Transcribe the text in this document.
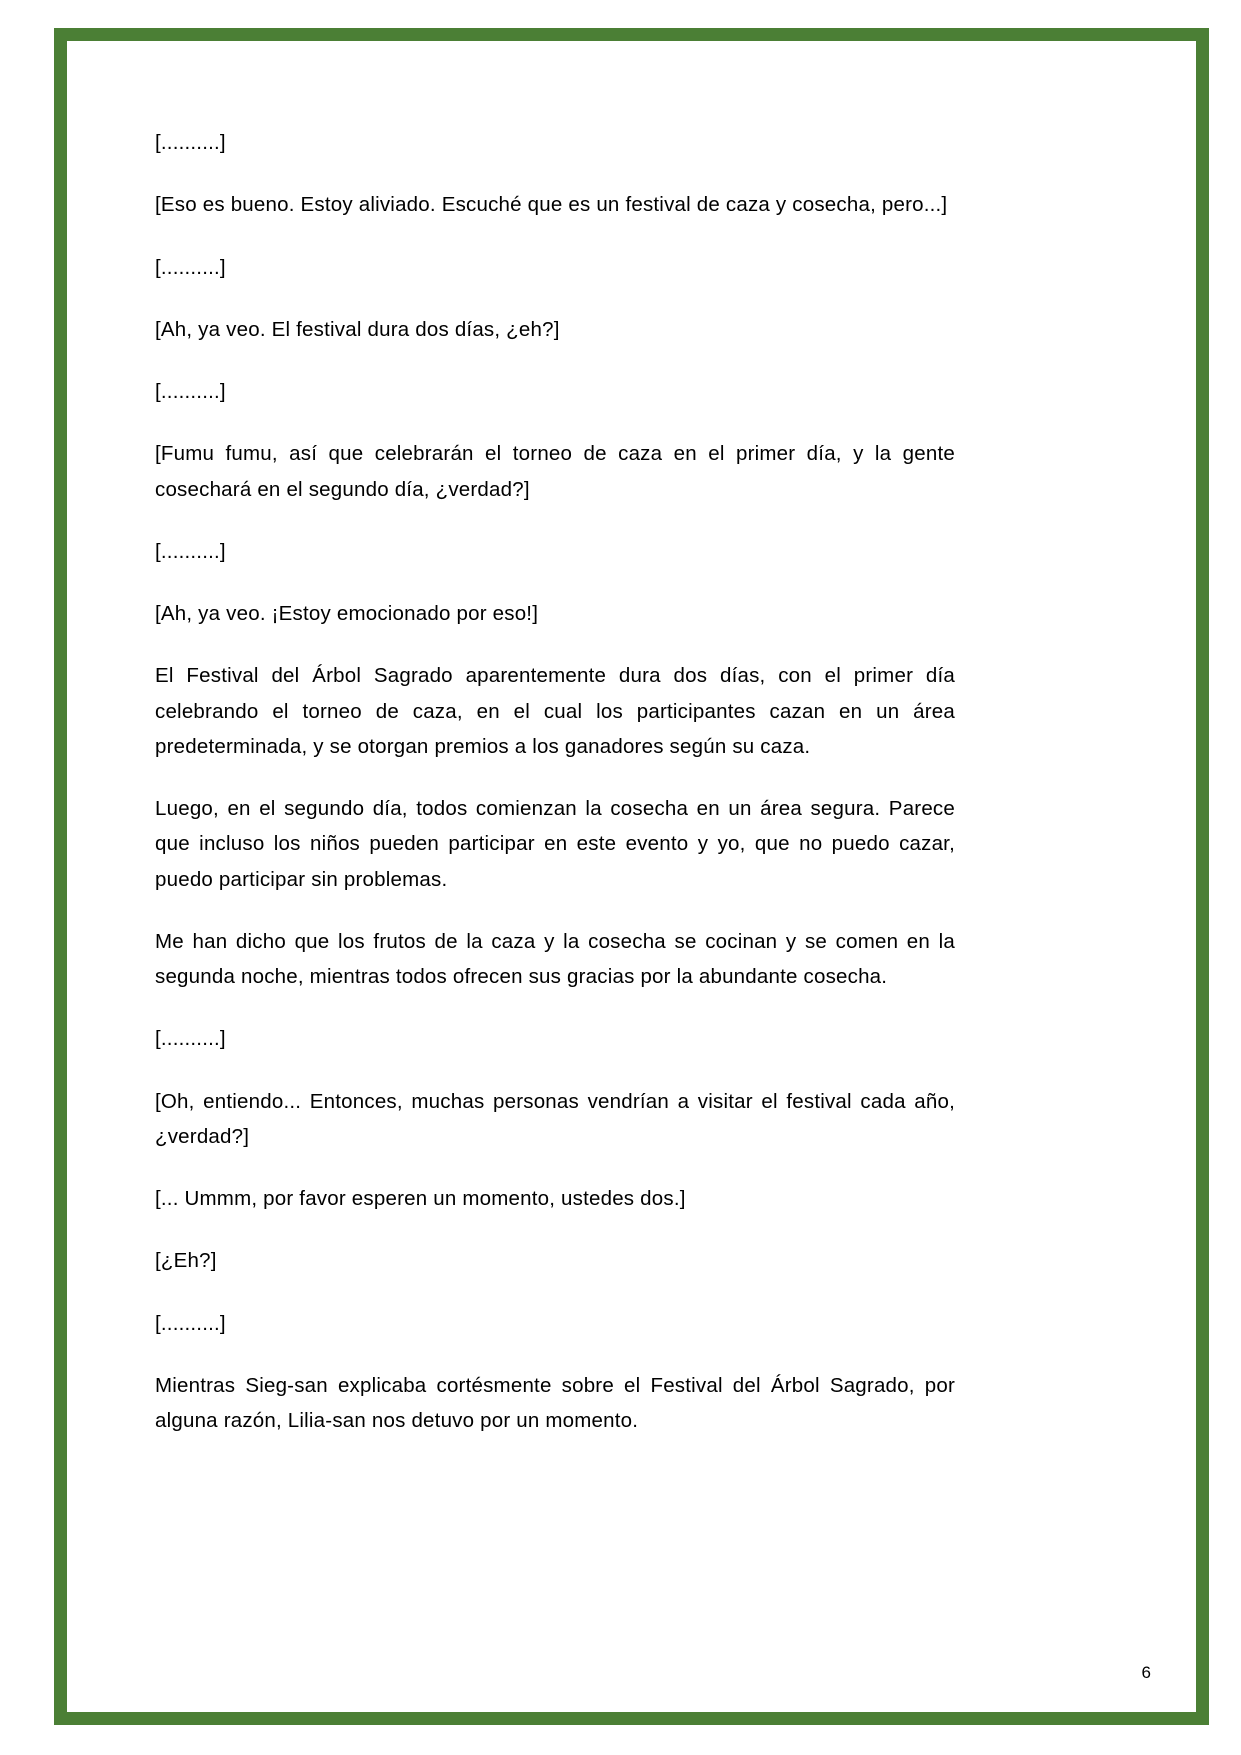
[..........]

[Eso es bueno. Estoy aliviado. Escuché que es un festival de caza y cosecha, pero...]

[..........]

[Ah, ya veo. El festival dura dos días, ¿eh?]

[..........]

[Fumu fumu, así que celebrarán el torneo de caza en el primer día, y la gente cosechará en el segundo día, ¿verdad?]

[..........]

[Ah, ya veo. ¡Estoy emocionado por eso!]

El Festival del Árbol Sagrado aparentemente dura dos días, con el primer día celebrando el torneo de caza, en el cual los participantes cazan en un área predeterminada, y se otorgan premios a los ganadores según su caza.

Luego, en el segundo día, todos comienzan la cosecha en un área segura. Parece que incluso los niños pueden participar en este evento y yo, que no puedo cazar, puedo participar sin problemas.

Me han dicho que los frutos de la caza y la cosecha se cocinan y se comen en la segunda noche, mientras todos ofrecen sus gracias por la abundante cosecha.

[..........]

[Oh, entiendo... Entonces, muchas personas vendrían a visitar el festival cada año, ¿verdad?]

[... Ummm, por favor esperen un momento, ustedes dos.]

[¿Eh?]

[..........]

Mientras Sieg-san explicaba cortésmente sobre el Festival del Árbol Sagrado, por alguna razón, Lilia-san nos detuvo por un momento.

6
